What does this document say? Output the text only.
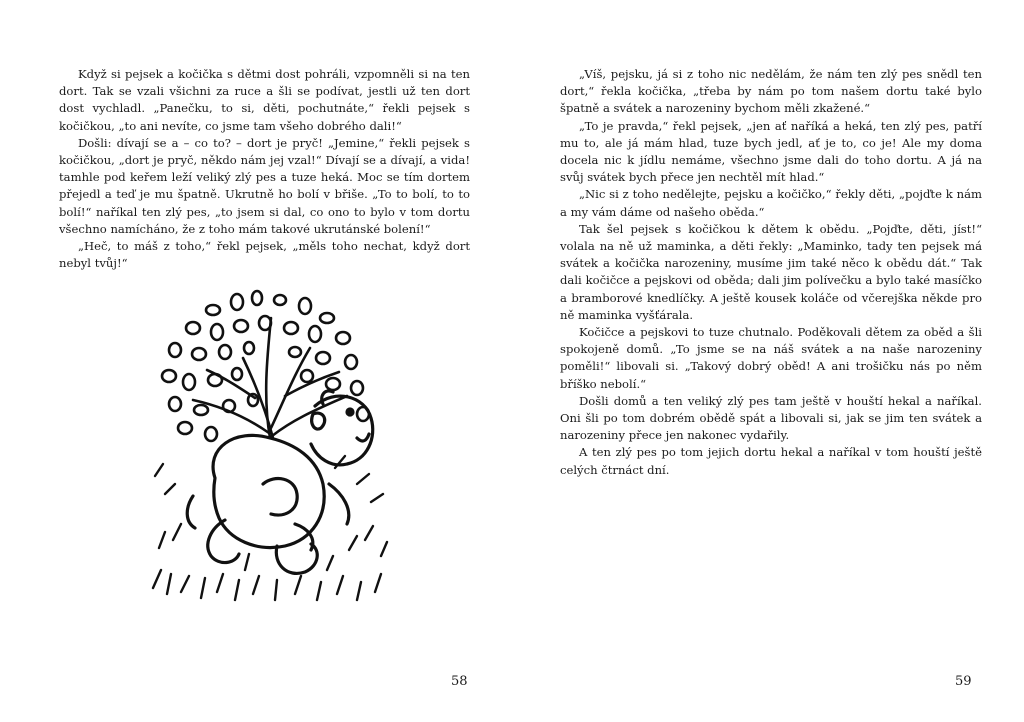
Když si pejsek a kočička s dětmi dost pohráli, vzpomněli si na ten dort. Tak se vzali všichni za ruce a šli se podívat, jestli už ten dort dost vychladl. „Panečku, to si, děti, pochutnáte,“ řekli pejsek s kočičkou, „to ani nevíte, co jsme tam všeho dobrého dali!“

Došli: dívají se a – co to? – dort je pryč! „Jemine,“ řekli pejsek s kočičkou, „dort je pryč, někdo nám jej vzal!“ Dívají se a dívají, a vida! tamhle pod keřem leží veliký zlý pes a tuze heká. Moc se tím dortem přejedl a teď je mu špatně. Ukrutně ho bolí v břiše. „To to bolí, to to bolí!“ naříkal ten zlý pes, „to jsem si dal, co ono to bylo v tom dortu všechno namícháno, že z toho mám takové ukrutánské bolení!“

„Heč, to máš z toho,“ řekl pejsek, „měls toho nechat, když dort nebyl tvůj!“

58

„Víš, pejsku, já si z toho nic nedělám, že nám ten zlý pes snědl ten dort,“ řekla kočička, „třeba by nám po tom našem dortu také bylo špatně a svátek a narozeniny bychom měli zkažené.“

„To je pravda,“ řekl pejsek, „jen ať naříká a heká, ten zlý pes, patří mu to, ale já mám hlad, tuze bych jedl, ať je to, co je! Ale my doma docela nic k jídlu nemáme, všechno jsme dali do toho dortu. A já na svůj svátek bych přece jen nechtěl mít hlad.“

„Nic si z toho nedělejte, pejsku a kočičko,“ řekly děti, „pojďte k nám a my vám dáme od našeho oběda.“

Tak šel pejsek s kočičkou k dětem k obědu. „Pojďte, děti, jíst!“ volala na ně už maminka, a děti řekly: „Maminko, tady ten pejsek má svátek a kočička narozeniny, musíme jim také něco k obědu dát.“ Tak dali kočičce a pejskovi od oběda; dali jim polívečku a bylo také masíčko a bramborové knedlíčky. A ještě kousek koláče od včerejška někde pro ně maminka vyšťárala.

Kočičce a pejskovi to tuze chutnalo. Poděkovali dětem za oběd a šli spokojeně domů. „To jsme se na náš svátek a na naše narozeniny poměli!“ libovali si. „Takový dobrý oběd! A ani trošičku nás po něm bříško nebolí.“

Došli domů a ten veliký zlý pes tam ještě v houští hekal a naříkal. Oni šli po tom dobrém obědě spát a libovali si, jak se jim ten svátek a narozeniny přece jen nakonec vydařily.

A ten zlý pes po tom jejich dortu hekal a naříkal v tom houští ještě celých čtrnáct dní.

59
